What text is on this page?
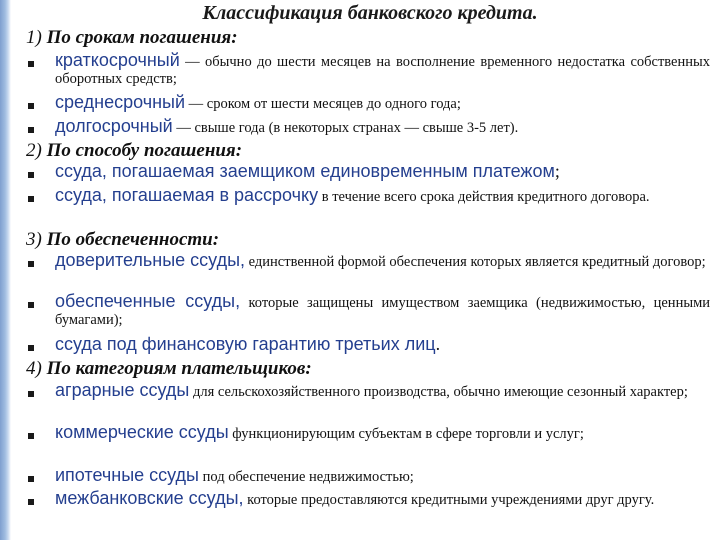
Классификация банковского кредита.
1) По срокам погашения:
краткосрочный — обычно до шести месяцев на восполнение временного недостатка собственных оборотных средств;
среднесрочный — сроком от шести месяцев до одного года;
долгосрочный — свыше года (в некоторых странах — свыше 3-5 лет).
2) По способу погашения:
ссуда, погашаемая заемщиком единовременным платежом;
ссуда, погашаемая в рассрочку в течение всего срока действия кредитного договора.
3) По обеспеченности:
доверительные ссуды, единственной формой обеспечения которых является кредитный договор;
обеспеченные ссуды, которые защищены имуществом заемщика (недвижимостью, ценными бумагами);
ссуда под финансовую гарантию третьих лиц.
4) По категориям плательщиков:
аграрные ссуды для сельскохозяйственного производства, обычно имеющие сезонный характер;
коммерческие ссуды функционирующим субъектам в сфере торговли и услуг;
ипотечные ссуды под обеспечение недвижимостью;
межбанковские ссуды, которые предоставляются кредитными учреждениями друг другу.
